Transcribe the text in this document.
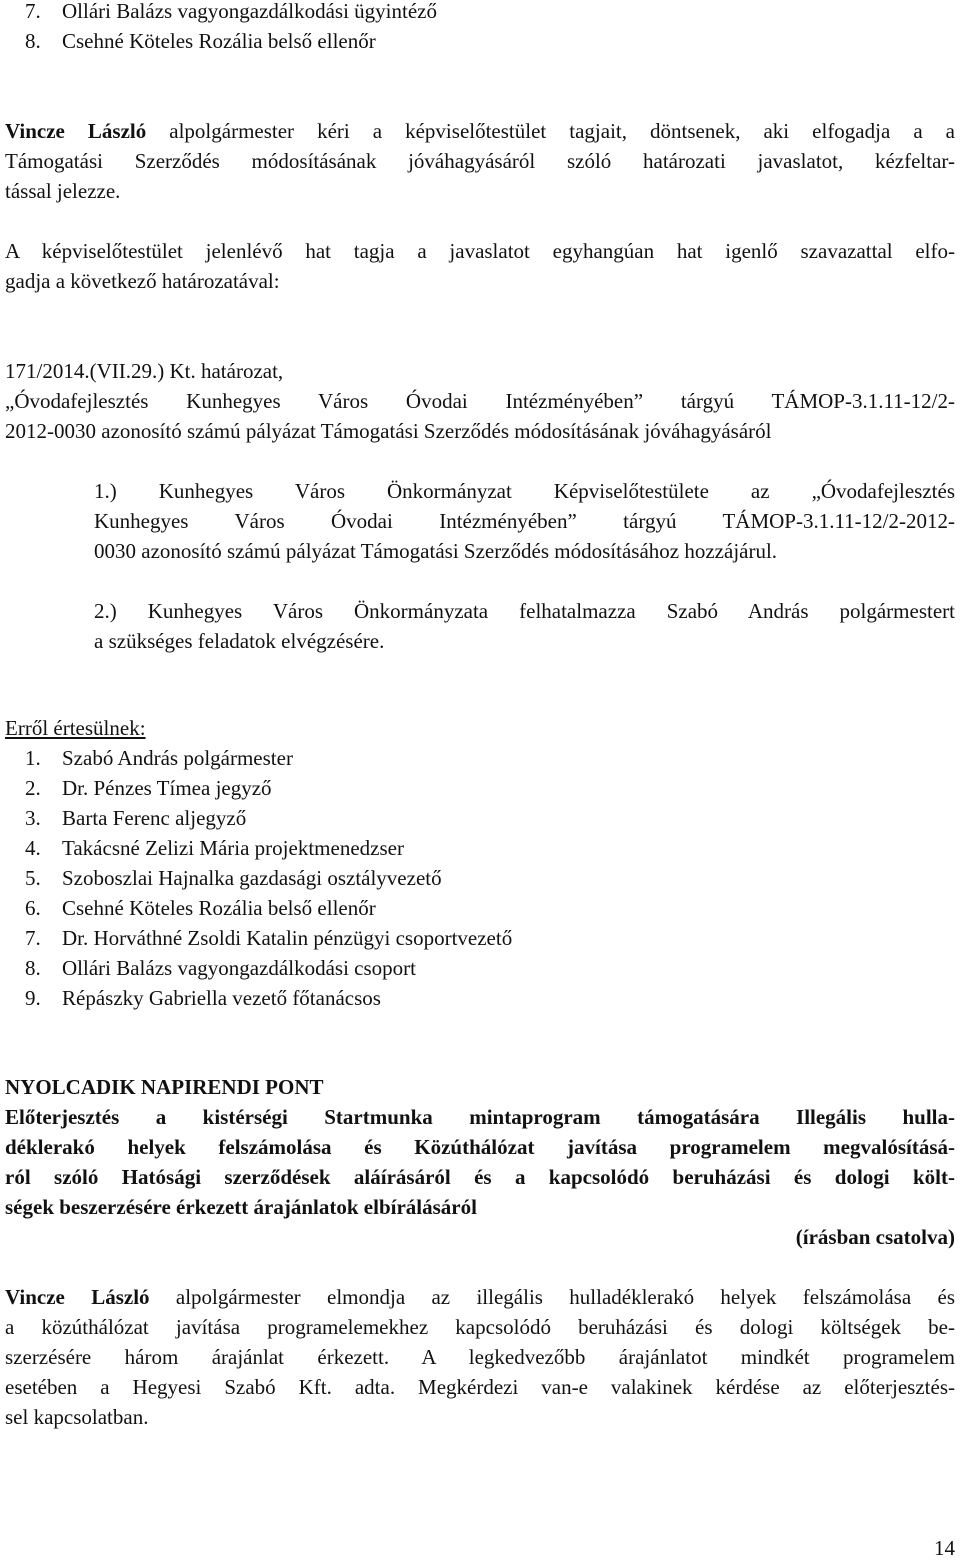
7. Ollári Balázs vagyongazdálkodási ügyintéző
8. Csehné Köteles Rozália belső ellenőr
Vincze László alpolgármester kéri a képviselőtestület tagjait, döntsenek, aki elfogadja a a
Támogatási Szerződés módosításának jóváhagyásáról szóló határozati javaslatot, kézfeltar-
tással jelezze.
A képviselőtestület jelenlévő hat tagja a javaslatot egyhangúan hat igenlő szavazattal elfo-
gadja a következő határozatával:
171/2014.(VII.29.) Kt. határozat,
„Óvodafejlesztés Kunhegyes Város Óvodai Intézményében” tárgyú TÁMOP-3.1.11-12/2-
2012-0030 azonosító számú pályázat Támogatási Szerződés módosításának jóváhagyásáról
1.) Kunhegyes Város Önkormányzat Képviselőtestülete az „Óvodafejlesztés
Kunhegyes Város Óvodai Intézményében” tárgyú TÁMOP-3.1.11-12/2-2012-
0030 azonosító számú pályázat Támogatási Szerződés módosításához hozzájárul.
2.) Kunhegyes Város Önkormányzata felhatalmazza Szabó András polgármestert
a szükséges feladatok elvégzésére.
Erről értesülnek:
1. Szabó András polgármester
2. Dr. Pénzes Tímea jegyző
3. Barta Ferenc aljegyző
4. Takácsné Zelizi Mária projektmenedzser
5. Szoboszlai Hajnalka gazdasági osztályvezető
6. Csehné Köteles Rozália belső ellenőr
7. Dr. Horváthné Zsoldi Katalin pénzügyi csoportvezető
8. Ollári Balázs vagyongazdálkodási csoport
9. Répászky Gabriella vezető főtanácsos
NYOLCADIK NAPIRENDI PONT
Előterjesztés a kistérségi Startmunka mintaprogram támogatására Illegális hulla-
déklerakó helyek felszámolása és Közúthálózat javítása programelem megvalósításá-
ról szóló Hatósági szerződések aláírásáról és a kapcsolódó beruházási és dologi költ-
ségek beszerzésére érkezett árajánlatok elbírálásáról
(írásban csatolva)
Vincze László alpolgármester elmondja az illegális hulladéklerakó helyek felszámolása és
a közúthálózat javítása programelemekhez kapcsolódó beruházási és dologi költségek be-
szerzésére három árajánlat érkezett. A legkedvezőbb árajánlatot mindkét programelem
esetében a Hegyesi Szabó Kft. adta. Megkérdezi van-e valakinek kérdése az előterjesztés-
sel kapcsolatban.
14
